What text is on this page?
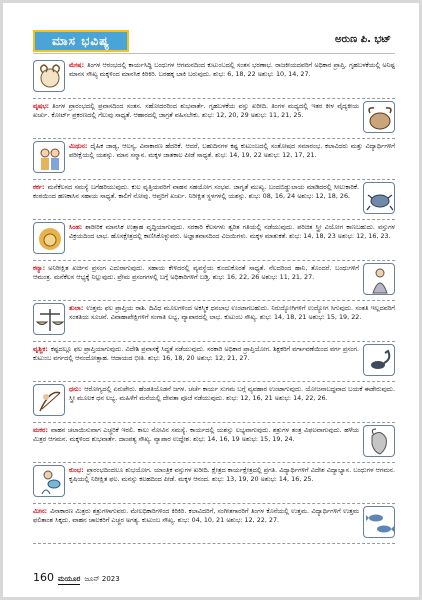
ಮಾಸ ಭವಿಷ್ಯ	ಅರುಣ ಪಿ. ಭಟ್
ಮೇಷ: ತಿಂಗಳ ಆರಂಭದಲ್ಲಿ ಕಾರ್ಯಸಿದ್ಧಿ ಬಂಧುಗಳ ಆಗಮನದಿಂದ ಕುಟುಂಬದಲ್ಲಿ ಸಂತಸ ಭರಣಾಭ. ರಾಜಕೀಯದವರಿಗೆ ಅಧಿಕಾರ ಪ್ರಾಪ್ತಿ. ಗೃಹಬಳಕೆಯಲ್ಲಿ ಅನಿಷ್ಟ ಮಾನಸ ಸೌಖ್ಯ ಮಕ್ಕಳಿಂದ ಮಾನಸಿಕ ಕಿರಿಕಿರಿ. ಬರಹಕ್ಕ ಬಾಕಿ ಬರುವುದು. ಶುಭ: 6, 18, 22 ಅಶುಭ: 10, 14, 27.
ವೃಷಭ: ತಿಂಗಳ ಪ್ರಾರಂಭದಲ್ಲಿ ಪ್ರವಾಸದಿಂದ ಸಂತಸ. ಸಹೋದರರಿಂದ ಶುಭವಾರ್ತೆ. ಗೃಹಬಳಕೆಯ ವಸ್ತು ಖರೀದಿ. ತಿಂಗಳ ಮಧ್ಯದಲ್ಲಿ ಇತರ ಕೀಳ ವೈದ್ಯಕೀಯ ಖರ್ಚು. ಕೋರ್ಟ್ ಪ್ರಕರಣದಲ್ಲಿ ಗೆಲುವು ಸಾಧ್ಯತೆ. ಆಹಾರದಲ್ಲಿ ಜಾಗ್ರತೆ ವಹಿಸಬೇಕು. ಶುಭ: 12, 20, 29 ಅಶುಭ: 11, 21, 25.
ಮಿಥುನ: ದೈಹಿಕ ಜಾಡ್ಯ, ಆಲಸ್ಯ, ವಿನಾಕಾರಣ ಹೆದರಿಕೆ. ಆದರೆ, ಬಹುದಿನಗಳ ಕಷ್ಟ ಕುಟುಂಬದಲ್ಲಿ ಸಂತೋಷದ ಸಮಾರಂಭ. ಕಲಾವಿದರು ಮತ್ತು ವಿದ್ಯಾರ್ಥಿಗಳಿಗೆ ಪರೀಕ್ಷೆಯಲ್ಲಿ ಯಶಸ್ಸು. ಮಾನ ಸನ್ಮಾನ. ಮಕ್ಕಳ ಜಾತಕಾಲ ಪೀಡೆ ಸಾಧ್ಯತೆ. ಶುಭ: 14, 19, 22 ಅಶುಭ: 12, 17, 21.
ಕರ್ಕ: ಮನೆಕೆಲಸದ ಸಮಸ್ಯೆ ಬಗೆಹರಿಯುವುದು. ಕುಲ ವೃತ್ತಿಯವರಿಗೆ ವಾಹನ ಸಹಯೋಗ ಸಂಭವ. ಜಾಗೃತೆ ಮುಖ್ಯ. ಬಂದಬಿಡ್ಡುಲಾಯ ಮಾಡಿದರಲ್ಲಿ ಸೀಲುಕಾರಿಕೆ. ಕಂಠಯಿಂದ ಹಣಕಾಸಿನ ಸಹಾಯ ಸಾಧ್ಯತೆ. ಕಾಲಿಗೆ ನೋವು. ಆಪ್ತರಿಗೆ ಖರ್ಚು. ನಿರೀಕ್ಷಿತ ಸ್ಥಳಗಳಲ್ಲಿ ಯಶಸ್ಸು. ಶುಭ: 08, 16, 24 ಅಶುಭ: 12, 18, 26.
ಸಿಂಹ: ಶಾರೀರಿಕ ಮಾನಸಿಕ ಉತ್ಸಾಹ ವೃದ್ಧಿಯಾಗುವುದು. ಸರಕಾರಿ ಕೆಲಸಗಳು ತ್ವರಿತ ಗತಿಯಲ್ಲಿ ನಡೆಯುವುದು. ಪರಿಚಿತ ಸ್ತ್ರೀ ವಿಯೋಗ ಕಾಣಬಹುದು. ವಸ್ತುಗಳ ವಿಕ್ರಯದಿಂದ ಲಾಭ. ಹೊಸಕ್ಷೇತ್ರದಲ್ಲಿ ಕಾಣಿಸಿಕೊಳ್ಳುವರು. ಅಜ್ಞಾತವಾಸದಿಂದ ವಿಜಯಿಗಳು. ಮಕ್ಕಳ ಮಾತುಕತೆ. ಶುಭ: 14, 18, 23 ಅಶುಭ: 12, 16, 23.
ಕನ್ಯಾ: ಅನಿರೀಕ್ಷಿತ ಖರ್ಚಿನ ಪ್ರಸಂಗ ಎದುರಾಗುವುದು. ಸಹಾಯ ಕೇಳಿದರಲ್ಲಿ ವ್ಯವಸ್ಥೆಯ ಕುಂದುಕೊರತೆ ಸಾಧ್ಯತೆ. ನೆಲದರಿಂದ ಹಾನಿ, ತೊಂದರೆ. ಬಂಧುಗಳಿಗೆ ಆಮಂತ್ರ. ಮನೆಕೆಲಸ ಆಭ್ಯಕ್ಕೆ ನಿಲ್ಲುವುದು. ಪ್ರೇಮ ಪ್ರಸಂಗಗಳಲ್ಲಿ ಬಗ್ಗೆ ಅಧಿಕಾರಿಗಳಿಗೆ ಬಡ್ತಿ. ಶುಭ: 16, 22, 26 ಅಶುಭ: 11, 21, 27.
ತುಲಾ: ಉತ್ತಮ ಫಲ ಪ್ರಾಪ್ತಿಯ ರಾಶಿ. ದಿವಿಧ ಮೂಲಗಳಿಂದ ಅಕಸ್ಮಿಕ ಧನಲಾಭ ಉಂಟಾಗಬಹುದು. ನಿರುದ್ಯೋಗಿಗಳಿಗೆ ಉದ್ಯೋಗ ಸಿಗುವುದು. ಸಂತತಿ ಇಲ್ಲದವರಿಗೆ ಸಂತತಿಯ ಸೂಚನೆ. ವಿವಾಹಾಪೇಕ್ಷಿಗಳಿಗೆ ಸಂಗಾತಿ ಲಭ್ಯ, ವ್ಯಾಪಾರದಲ್ಲಿ ಲಾಭ. ಕುಟುಂಬ ಸೌಖ್ಯ. ಶುಭ: 14, 18, 21 ಅಶುಭ: 15, 19, 22.
ವೃಶ್ಚಿಕ: ಕಷ್ಟದಲ್ಲೂ ಫಲ ಪ್ರಾಪ್ತಿಯಾಗುವುದು. ವಿದೇಶಿ ಪ್ರವಾಸಕ್ಕೆ ಸಿದ್ಧತೆ ನಡೆಯುವುದು. ಸರಕಾರಿ ಅಧಿಕಾರ ಪ್ರಾಪ್ತಿಯೋಗ. ಶಿಕ್ಷಕರಿಗೆ ವರ್ಗಾವಣೆಯಿಂದ ವರ್ಗ ಪ್ರಸಂಗ. ಕುಟುಂಬ ವರ್ಗದಲ್ಲಿ ಆನಂದೋತ್ಸಾಹ. ಆದಾಯದ ಭೀತಿ. ಶುಭ: 16, 18, 20 ಅಶುಭ: 12, 21, 27.
ಧನು: ಆರೋಗ್ಯದಲ್ಲಿ ಏರುಪೇರು. ಹೆಂಡತಿಯೊಡನೆ ಜಗಳ. ಚರ್ಚೆ ಕಾರ್ಯ ಸುಗಮ ಬಗ್ಗೆ ವ್ಯವಹಾರ ಉಂಟಾಗುವುದು. ಯೋಜನಾಬದ್ಧವಾದ ಬಯಕೆ ಈಡೇರುವುದು. ಸ್ತ್ರೀ ಮೂಲಕ ಧನ ಲಭ್ಯ. ಮಹಿಳೆಗೆ ಮನೆಯಲ್ಲಿ ದೇವತಾ ಪೂಜೆ ನಡೆಯುವುದು. ಶುಭ: 12, 16, 21 ಅಶುಭ: 14, 22, 26.
ಮಕರ: ವಾಹನ ಚಲಾಯಿಸುವಾಗ ಎಚ್ಚರಿಕೆ ಇರಲಿ. ಕಾಲು ನೋವಿನ ಸಮಸ್ಯೆ. ಕಾರ್ಯದಲ್ಲಿ ಯಶಸ್ಸು ಲಭ್ಯವಾಗುವುದು. ಶತ್ರುಗಳ ತಂತ್ರ ವಿಫಲವಾಗುವುದು. ಹಳೆಯ ಮಿತ್ರರ ಆಗಮನ. ಮಕ್ಕಳಿಂದ ಶುಭವಾರ್ತೆ. ದಾಂಪತ್ಯ ಸೌಖ್ಯ. ವ್ಯಾಪಾರ ಉದ್ದೇಶ. ಶುಭ: 14, 16, 19 ಅಶುಭ: 15, 19, 24.
ಕುಂಭ: ಪ್ರಾರಂಭದಿಂದಲೂ ಶುಭಯೋಗ. ಯಾಂತ್ರಿಕ ವಸ್ತುಗಳ ಖರೀದಿ. ಕ್ಷೇತ್ರದ ಕಾರ್ಯಕ್ಷೇತ್ರದಲ್ಲಿ ಪ್ರಗತಿ. ವಿದ್ಯಾರ್ಥಿಗಳಿಗೆ ವಿದೇಶ ವಿದ್ಯಾಭ್ಯಾಸ. ಬಂಧುಗಳ ಆಗಮನ. ಕೃಷಿಯಲ್ಲಿ ನಿರೀಕ್ಷಿತ ಫಲ. ಮನಸ್ಸು ಕಲಹದಿಂದ ಪೀಡೆ. ಮಕ್ಕಳ ಆನಂದ. ಶುಭ: 13, 19, 20 ಅಶುಭ: 14, 16, 25.
ಮೀನ: ವಿನಾಕಾರಣ ಮಿತ್ರರು ಶತ್ರುಗಳಾಗುವರು. ಮೇಲಧಿಕಾರಿಗಳಿಂದ ಕಿರಿಕಿರಿ. ಕಲಾವಿದರಿಗೆ, ಸಂಗೀತಗಾರರಿಗೆ ತಿಂಗಳ ಕೊನೆಯಲ್ಲಿ ಉತ್ತಮ. ವಿದ್ಯಾರ್ಥಿಗಳಿಗೆ ಉತ್ತಮ ಫಲಿತಾಂಶ ಸಿಕ್ಕದು. ವಾಹನ ಚಾಲಕರಿಗೆ ಎಚ್ಚರ ಅಗತ್ಯ. ಕುಟುಂಬ ಸೌಖ್ಯ. ಶುಭ: 04, 10, 21 ಅಶುಭ: 12, 22, 27.
160 ಮಯೂರ ಜೂನ್ 2023
